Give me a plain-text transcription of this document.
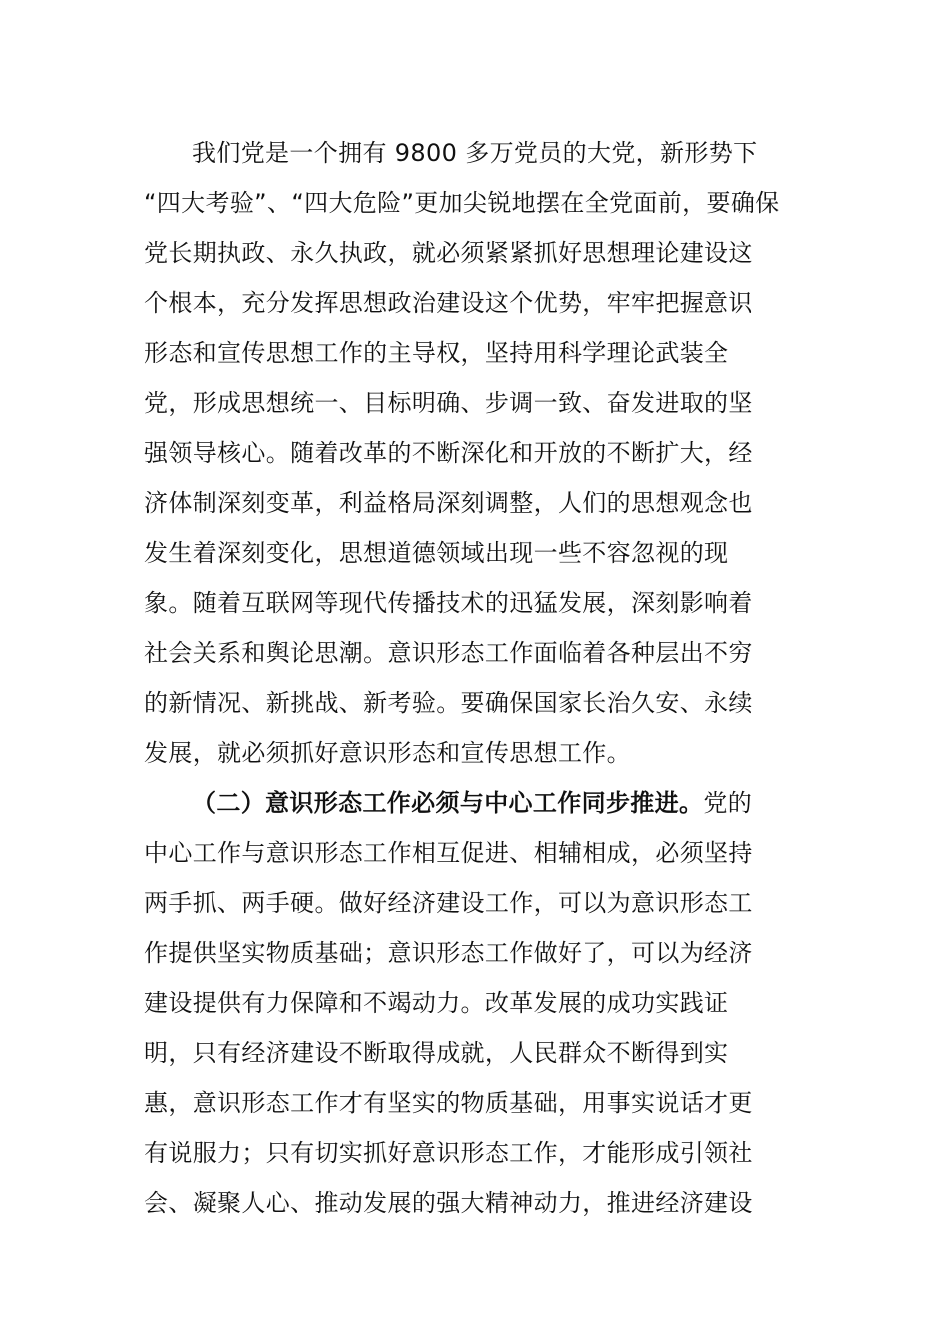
我们党是一个拥有 9800 多万党员的大党，新形势下
“四大考验”、“四大危险”更加尖锐地摆在全党面前，要确保
党长期执政、永久执政，就必须紧紧抓好思想理论建设这
个根本，充分发挥思想政治建设这个优势，牢牢把握意识
形态和宣传思想工作的主导权，坚持用科学理论武装全
党，形成思想统一、目标明确、步调一致、奋发进取的坚
强领导核心。随着改革的不断深化和开放的不断扩大，经
济体制深刻变革，利益格局深刻调整，人们的思想观念也
发生着深刻变化，思想道德领域出现一些不容忽视的现
象。随着互联网等现代传播技术的迅猛发展，深刻影响着
社会关系和舆论思潮。意识形态工作面临着各种层出不穷
的新情况、新挑战、新考验。要确保国家长治久安、永续
发展，就必须抓好意识形态和宣传思想工作。
（二）意识形态工作必须与中心工作同步推进。党的
中心工作与意识形态工作相互促进、相辅相成，必须坚持
两手抓、两手硬。做好经济建设工作，可以为意识形态工
作提供坚实物质基础；意识形态工作做好了，可以为经济
建设提供有力保障和不竭动力。改革发展的成功实践证
明，只有经济建设不断取得成就，人民群众不断得到实
惠，意识形态工作才有坚实的物质基础，用事实说话才更
有说服力；只有切实抓好意识形态工作，才能形成引领社
会、凝聚人心、推动发展的强大精神动力，推进经济建设
